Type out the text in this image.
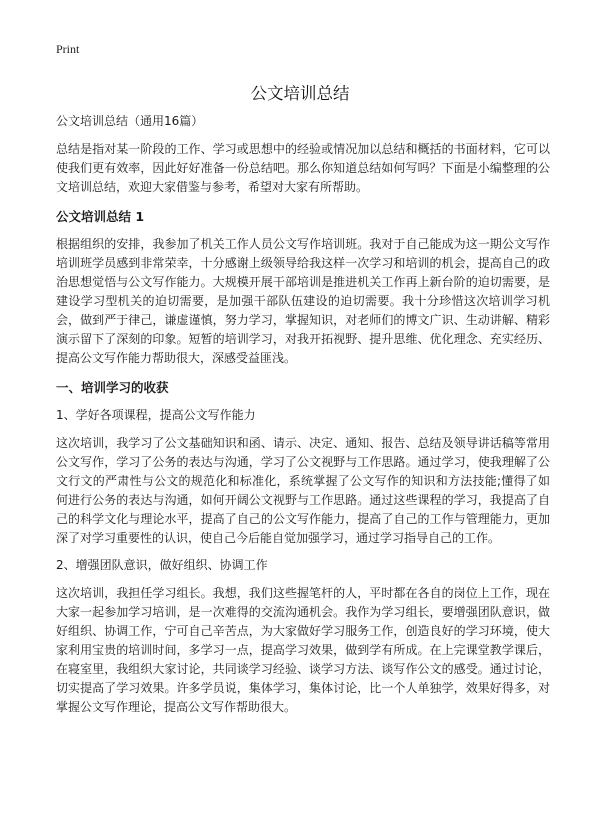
Print
公文培训总结

公文培训总结（通用16篇）

总结是指对某一阶段的工作、学习或思想中的经验或情况加以总结和概括的书面材料，它可以使我们更有效率，因此好好准备一份总结吧。那么你知道总结如何写吗？下面是小编整理的公文培训总结，欢迎大家借鉴与参考，希望对大家有所帮助。

公文培训总结 1

根据组织的安排，我参加了机关工作人员公文写作培训班。我对于自己能成为这一期公文写作培训班学员感到非常荣幸，十分感谢上级领导给我这样一次学习和培训的机会，提高自己的政治思想觉悟与公文写作能力。大规模开展干部培训是推进机关工作再上新台阶的迫切需要，是建设学习型机关的迫切需要，是加强干部队伍建设的迫切需要。我十分珍惜这次培训学习机会，做到严于律己，谦虚谨慎，努力学习，掌握知识，对老师们的博文广识、生动讲解、精彩演示留下了深刻的印象。短暂的培训学习，对我开拓视野、提升思维、优化理念、充实经历、提高公文写作能力帮助很大，深感受益匪浅。

一、培训学习的收获
1、学好各项课程，提高公文写作能力

这次培训，我学习了公文基础知识和函、请示、决定、通知、报告、总结及领导讲话稿等常用公文写作，学习了公务的表达与沟通，学习了公文视野与工作思路。通过学习，使我理解了公文行文的严肃性与公文的规范化和标准化，系统掌握了公文写作的知识和方法技能;懂得了如何进行公务的表达与沟通，如何开阔公文视野与工作思路。通过这些课程的学习，我提高了自己的科学文化与理论水平，提高了自己的公文写作能力，提高了自己的工作与管理能力，更加深了对学习重要性的认识，使自己今后能自觉加强学习，通过学习指导自己的工作。

2、增强团队意识，做好组织、协调工作

这次培训，我担任学习组长。我想，我们这些握笔杆的人，平时都在各自的岗位上工作，现在大家一起参加学习培训，是一次难得的交流沟通机会。我作为学习组长，要增强团队意识，做好组织、协调工作，宁可自己辛苦点，为大家做好学习服务工作，创造良好的学习环境，使大家利用宝贵的培训时间，多学习一点，提高学习效果，做到学有所成。在上完课堂教学课后，在寝室里，我组织大家讨论，共同谈学习经验、谈学习方法、谈写作公文的感受。通过讨论，切实提高了学习效果。许多学员说，集体学习，集体讨论，比一个人单独学，效果好得多，对掌握公文写作理论，提高公文写作帮助很大。
